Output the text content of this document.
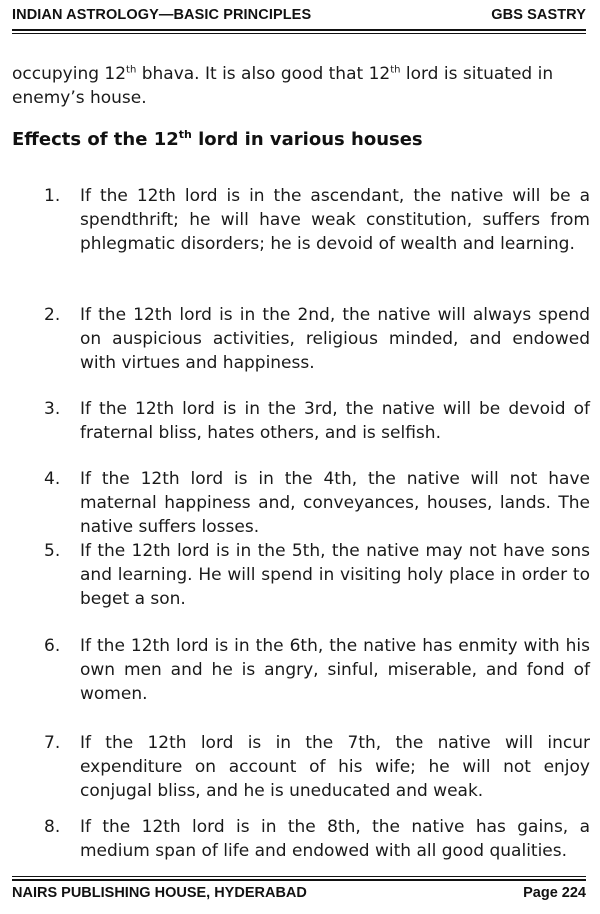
INDIAN ASTROLOGY—BASIC PRINCIPLES	GBS SASTRY

occupying 12th bhava. It is also good that 12th lord is situated in enemy’s house.

Effects of the 12th lord in various houses
1.	If the 12th lord is in the ascendant, the native will be a spendthrift; he will have weak constitution, suffers from phlegmatic disorders; he is devoid of wealth and learning.
2.	If the 12th lord is in the 2nd, the native will always spend on auspicious activities, religious minded, and endowed with virtues and happiness.
3.	If the 12th lord is in the 3rd, the native will be devoid of fraternal bliss, hates others, and is selfish.
4.	If the 12th lord is in the 4th, the native will not have maternal happiness and, conveyances, houses, lands. The native suffers losses.
5.	If the 12th lord is in the 5th, the native may not have sons and learning. He will spend in visiting holy place in order to beget a son.
6.	If the 12th lord is in the 6th, the native has enmity with his own men and he is angry, sinful, miserable, and fond of women.
7.	If the 12th lord is in the 7th, the native will incur expenditure on account of his wife; he will not enjoy conjugal bliss, and he is uneducated and weak.
8.	If the 12th lord is in the 8th, the native has gains, a medium span of life and endowed with all good qualities.
NAIRS PUBLISHING HOUSE, HYDERABAD	Page 224
